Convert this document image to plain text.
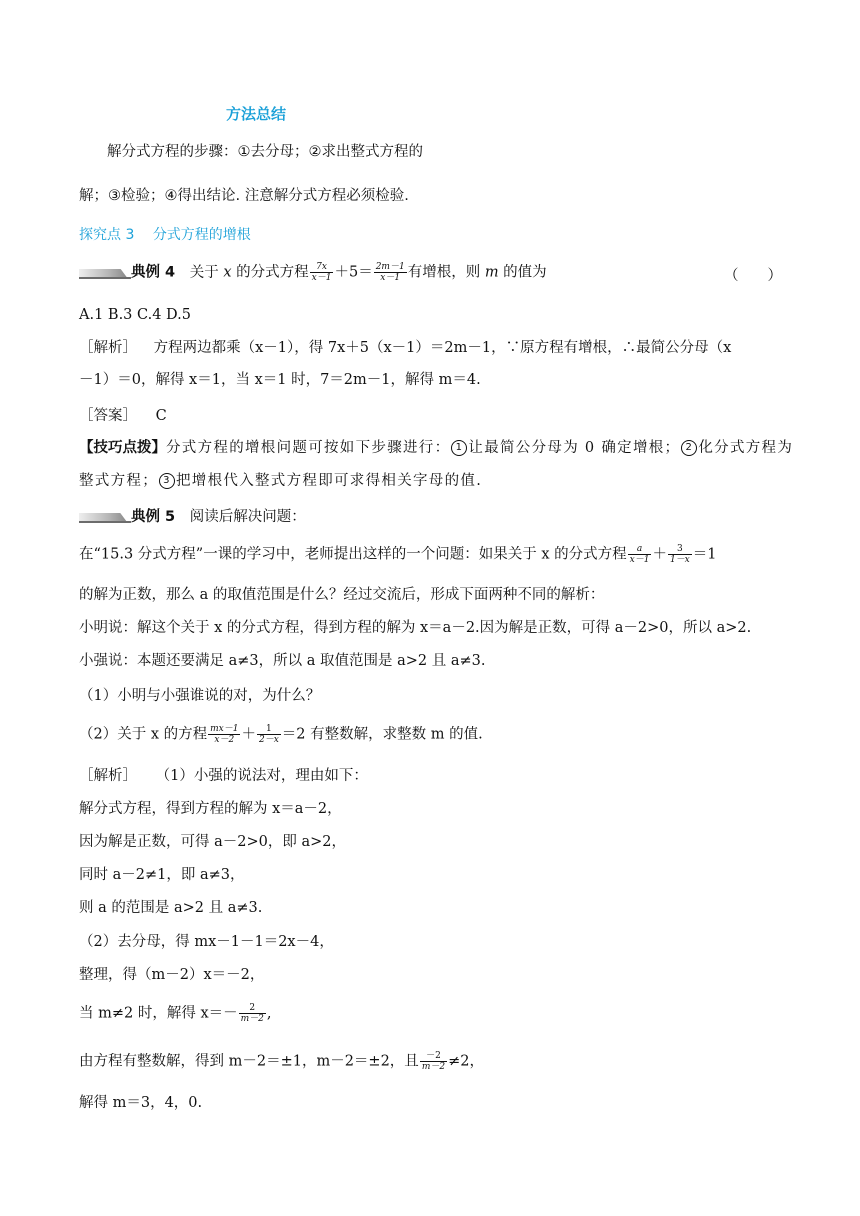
方法总结
解分式方程的步骤：①去分母；②求出整式方程的
解；③检验；④得出结论. 注意解分式方程必须检验.
探究点 3 分式方程的增根
典例 4 关于 x 的分式方程 $\frac{7x}{x-1} +5= \frac{2m-1}{x-1}$ 有增根，则 m 的值为	（　　）
A.1 B.3 C.4 D.5
［解析］ 方程两边都乘（x－1），得 7x＋5（x－1）＝2m－1，∵原方程有增根，∴最简公分母（x
－1）＝0，解得 x＝1，当 x＝1 时，7＝2m－1，解得 m＝4.
［答案］ C
【技巧点拨】分式方程的增根问题可按如下步骤进行： 1 让最简公分母为 0 确定增根； 2 化分式方程为
整式方程； 3 把增根代入整式方程即可求得相关字母的值.
典例 5 阅读后解决问题：
在“15.3 分式方程”一课的学习中，老师提出这样的一个问题：如果关于 x 的分式方程 $\frac{a}{x-1} + \frac{3}{1-x} =1$
的解为正数，那么 a 的取值范围是什么？经过交流后，形成下面两种不同的解析：
小明说：解这个关于 x 的分式方程，得到方程的解为 x＝a－2.因为解是正数，可得 a－2>0，所以 a>2.
小强说：本题还要满足 a≠3，所以 a 取值范围是 a>2 且 a≠3.
（1）小明与小强谁说的对，为什么？
（2）关于 x 的方程 $\frac{mx-1}{x-2} + \frac{1}{2-x} =2$ 有整数解，求整数 m 的值.
［解析］ （1）小强的说法对，理由如下：
解分式方程，得到方程的解为 x＝a－2，
因为解是正数，可得 a－2>0，即 a>2，
同时 a－2≠1，即 a≠3，
则 a 的范围是 a>2 且 a≠3.
（2）去分母，得 mx－1－1＝2x－4，
整理，得（m－2）x＝－2，
当 m≠2 时，解得 $x=- \frac{2}{m-2}$ ,
由方程有整数解，得到 m－2＝±1，m－2＝±2，且 $\frac{-2}{m-2} \ne 2$，
解得 m＝3，4，0.
